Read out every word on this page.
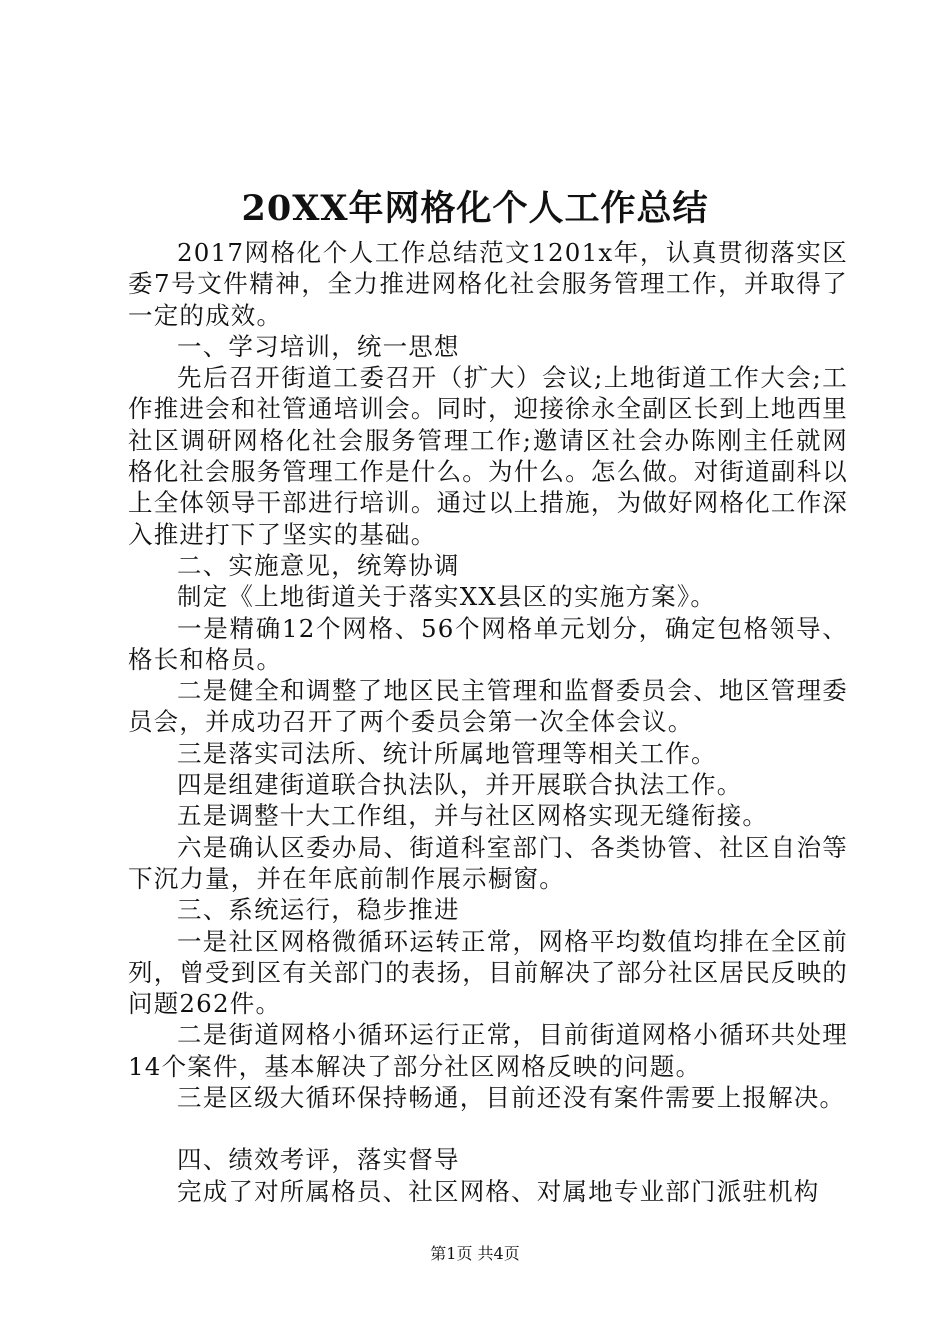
20XX年网格化个人工作总结

2017网格化个人工作总结范文1201x年，认真贯彻落实区委7号文件精神，全力推进网格化社会服务管理工作，并取得了一定的成效。

一、学习培训，统一思想

先后召开街道工委召开（扩大）会议;上地街道工作大会;工作推进会和社管通培训会。同时，迎接徐永全副区长到上地西里社区调研网格化社会服务管理工作;邀请区社会办陈刚主任就网格化社会服务管理工作是什么。为什么。怎么做。对街道副科以上全体领导干部进行培训。通过以上措施，为做好网格化工作深入推进打下了坚实的基础。

二、实施意见，统筹协调

制定《上地街道关于落实XX县区的实施方案》。

一是精确12个网格、56个网格单元划分，确定包格领导、格长和格员。

二是健全和调整了地区民主管理和监督委员会、地区管理委员会，并成功召开了两个委员会第一次全体会议。

三是落实司法所、统计所属地管理等相关工作。

四是组建街道联合执法队，并开展联合执法工作。

五是调整十大工作组，并与社区网格实现无缝衔接。

六是确认区委办局、街道科室部门、各类协管、社区自治等下沉力量，并在年底前制作展示橱窗。

三、系统运行，稳步推进

一是社区网格微循环运转正常，网格平均数值均排在全区前列，曾受到区有关部门的表扬，目前解决了部分社区居民反映的问题262件。

二是街道网格小循环运行正常，目前街道网格小循环共处理14个案件，基本解决了部分社区网格反映的问题。

三是区级大循环保持畅通，目前还没有案件需要上报解决。

四、绩效考评，落实督导

完成了对所属格员、社区网格、对属地专业部门派驻机构

第1页 共4页
